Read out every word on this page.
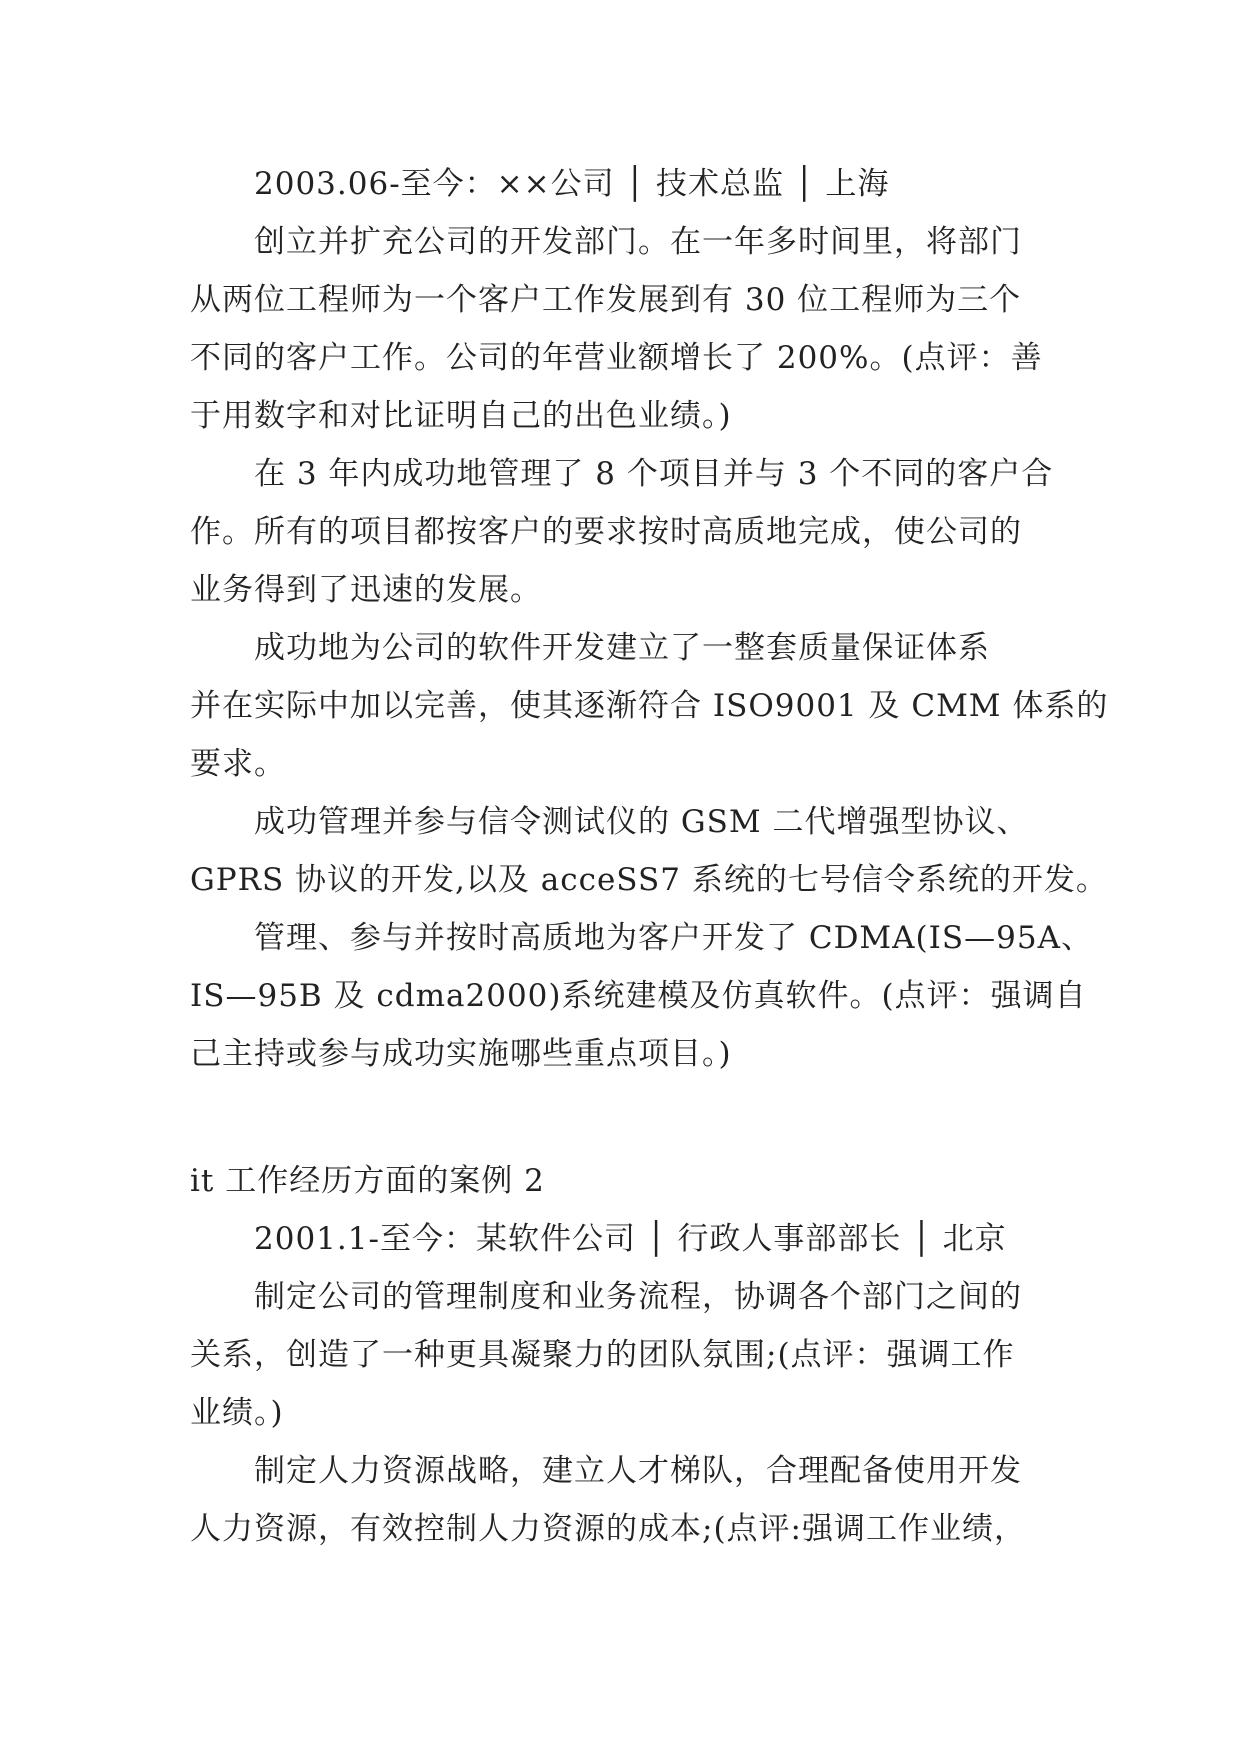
2003.06-至今：××公司 │ 技术总监 │ 上海
创立并扩充公司的开发部门。在一年多时间里，将部门
从两位工程师为一个客户工作发展到有 30 位工程师为三个
不同的客户工作。公司的年营业额增长了 200%。(点评：善
于用数字和对比证明自己的出色业绩。)
在 3 年内成功地管理了 8 个项目并与 3 个不同的客户合
作。所有的项目都按客户的要求按时高质地完成，使公司的
业务得到了迅速的发展。
成功地为公司的软件开发建立了一整套质量保证体系
并在实际中加以完善，使其逐渐符合 ISO9001 及 CMM 体系的
要求。
成功管理并参与信令测试仪的 GSM 二代增强型协议、
GPRS 协议的开发,以及 acceSS7 系统的七号信令系统的开发。
管理、参与并按时高质地为客户开发了 CDMA(IS—95A、
IS—95B 及 cdma2000)系统建模及仿真软件。(点评：强调自
己主持或参与成功实施哪些重点项目。)
it 工作经历方面的案例 2
2001.1-至今：某软件公司 │ 行政人事部部长 │ 北京
制定公司的管理制度和业务流程，协调各个部门之间的
关系，创造了一种更具凝聚力的团队氛围;(点评：强调工作
业绩。)
制定人力资源战略，建立人才梯队，合理配备使用开发
人力资源，有效控制人力资源的成本;(点评:强调工作业绩，
